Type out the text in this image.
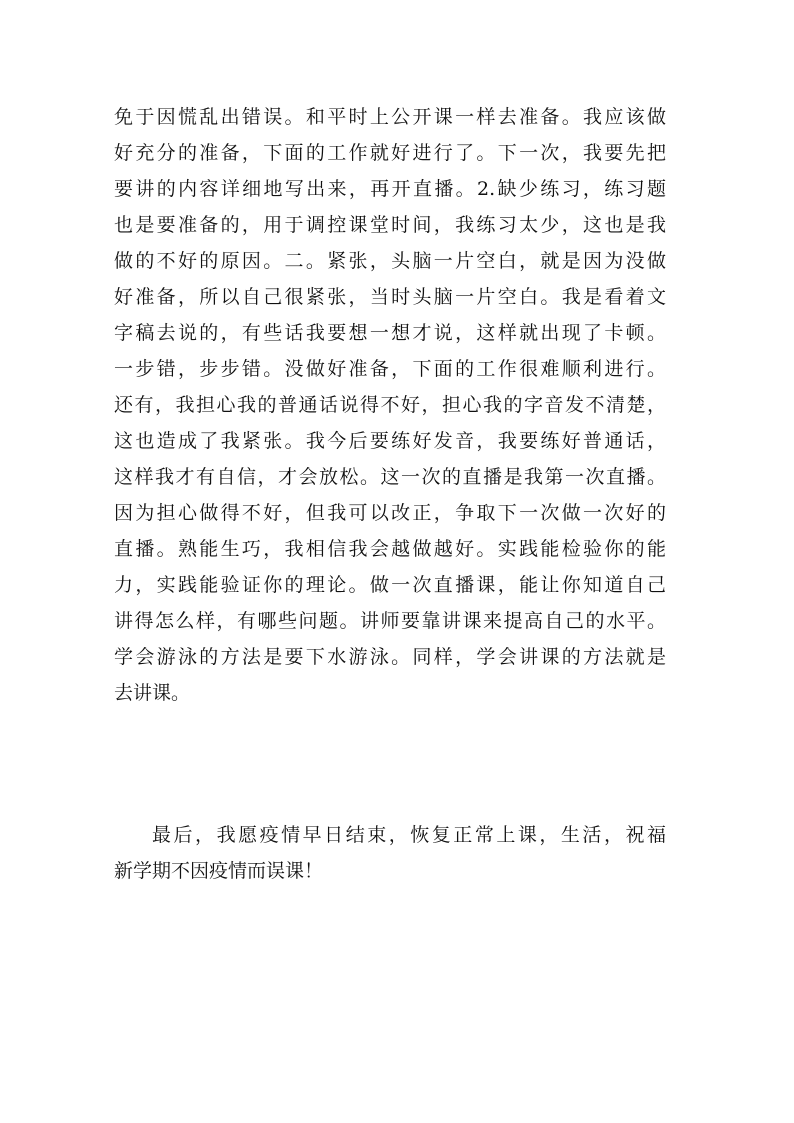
免于因慌乱出错误。和平时上公开课一样去准备。我应该做
好充分的准备，下面的工作就好进行了。下一次，我要先把
要讲的内容详细地写出来，再开直播。2.缺少练习，练习题
也是要准备的，用于调控课堂时间，我练习太少，这也是我
做的不好的原因。二。紧张，头脑一片空白，就是因为没做
好准备，所以自己很紧张，当时头脑一片空白。我是看着文
字稿去说的，有些话我要想一想才说，这样就出现了卡顿。
一步错，步步错。没做好准备，下面的工作很难顺利进行。
还有，我担心我的普通话说得不好，担心我的字音发不清楚，
这也造成了我紧张。我今后要练好发音，我要练好普通话，
这样我才有自信，才会放松。这一次的直播是我第一次直播。
因为担心做得不好，但我可以改正，争取下一次做一次好的
直播。熟能生巧，我相信我会越做越好。实践能检验你的能
力，实践能验证你的理论。做一次直播课，能让你知道自己
讲得怎么样，有哪些问题。讲师要靠讲课来提高自己的水平。
学会游泳的方法是要下水游泳。同样，学会讲课的方法就是
去讲课。
最后，我愿疫情早日结束，恢复正常上课，生活，祝福
新学期不因疫情而误课！
